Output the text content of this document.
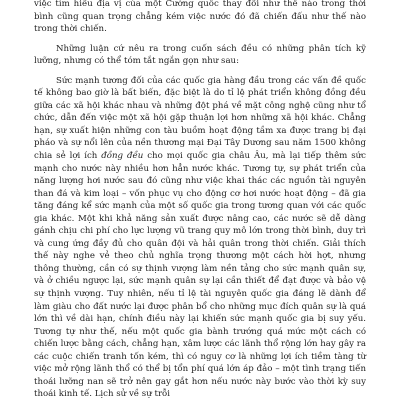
việc tìm hiểu địa vị của một Cường quốc thay đổi như thế nào trong thời bình cũng quan trọng chẳng kém việc nước đó đã chiến đấu như thế nào trong thời chiến.

Những luận cứ nêu ra trong cuốn sách đều có những phân tích kỹ lưỡng, nhưng có thể tóm tắt ngắn gọn như sau:

Sức mạnh tương đối của các quốc gia hàng đầu trong các vấn đề quốc tế không bao giờ là bất biến, đặc biệt là do tỉ lệ phát triển không đồng đều giữa các xã hội khác nhau và những đột phá về mặt công nghệ cũng như tổ chức, dẫn đến việc một xã hội gặp thuận lợi hơn những xã hội khác. Chẳng hạn, sự xuất hiện những con tàu buồm hoạt động tầm xa được trang bị đại pháo và sự nổi lên của nền thương mại Đại Tây Dương sau năm 1500 không chia sẻ lợi ích đồng đều cho mọi quốc gia châu Âu, mà lại tiếp thêm sức mạnh cho nước này nhiều hơn hẳn nước khác. Tương tự, sự phát triển của năng lượng hơi nước sau đó cũng như việc khai thác các nguồn tài nguyên than đá và kim loại – vốn phục vụ cho động cơ hơi nước hoạt động – đã gia tăng đáng kể sức mạnh của một số quốc gia trong tương quan với các quốc gia khác. Một khi khả năng sản xuất được nâng cao, các nước sẽ dễ dàng gánh chịu chi phí cho lực lượng vũ trang quy mô lớn trong thời bình, duy trì và cung ứng đầy đủ cho quân đội và hải quân trong thời chiến. Giải thích thế này nghe vẻ theo chủ nghĩa trọng thương một cách hời hợt, nhưng thông thường, cần có sự thịnh vượng làm nền tảng cho sức mạnh quân sự, và ở chiều ngược lại, sức mạnh quân sự lại cần thiết để đạt được và bảo vệ sự thịnh vượng. Tuy nhiên, nếu tỉ lệ tài nguyên quốc gia đáng lẽ dành để làm giàu cho đất nước lại được phân bổ cho những mục đích quân sự là quá lớn thì về dài hạn, chính điều này lại khiến sức mạnh quốc gia bị suy yếu. Tương tự như thế, nếu một quốc gia bành trướng quá mức một cách có chiến lược bằng cách, chẳng hạn, xâm lược các lãnh thổ rộng lớn hay gây ra các cuộc chiến tranh tốn kém, thì có nguy cơ là những lợi ích tiềm tàng từ việc mở rộng lãnh thổ có thể bị tổn phí quá lớn áp đảo – một tình trạng tiến thoái lưỡng nan sẽ trở nên gay gắt hơn nếu nước này bước vào thời kỳ suy thoái kinh tế. Lịch sử về sự trỗi
